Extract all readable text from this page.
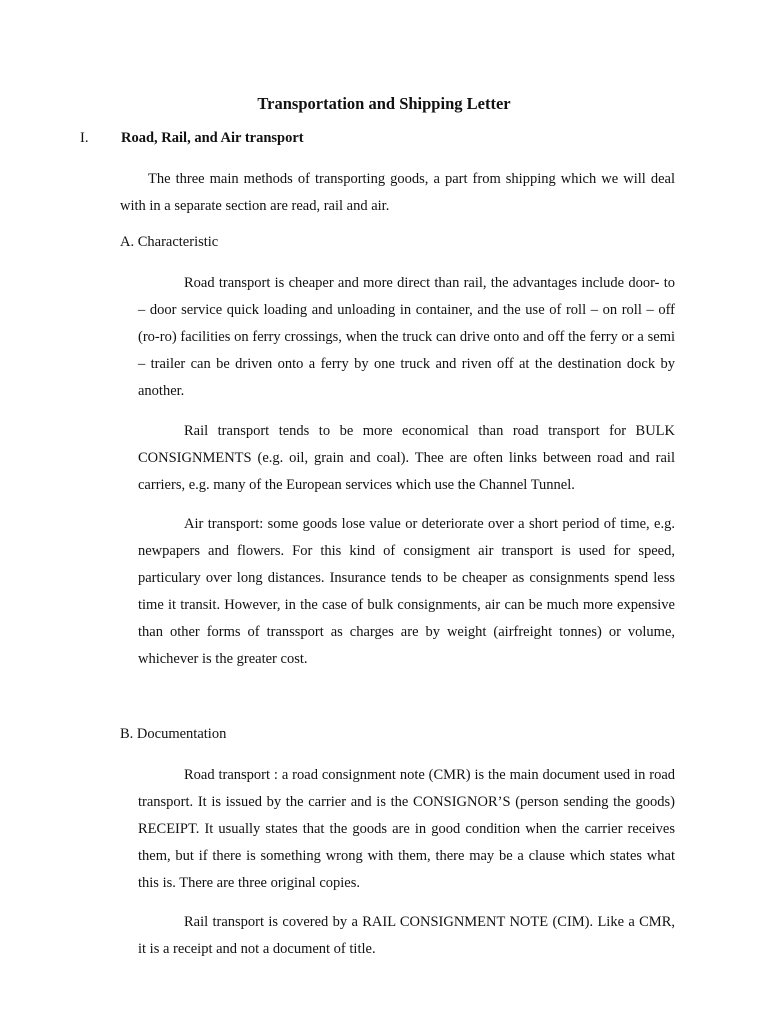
Transportation and Shipping Letter
I. Road, Rail, and Air transport

The three main methods of transporting goods, a part from shipping which we will deal with in a separate section are read, rail and air.

A. Characteristic

Road transport is cheaper and more direct than rail, the advantages include door- to – door service quick loading and unloading in container, and the use of roll – on roll – off (ro-ro) facilities on ferry crossings, when the truck can drive onto and off the ferry or a semi – trailer can be driven onto a ferry by one truck and riven off at the destination dock by another.

Rail transport tends to be more economical than road transport for BULK CONSIGNMENTS (e.g. oil, grain and coal). Thee are often links between road and rail carriers, e.g. many of the European services which use the Channel Tunnel.

Air transport: some goods lose value or deteriorate over a short period of time, e.g. newpapers and flowers. For this kind of consigment air transport is used for speed, particulary over long distances. Insurance tends to be cheaper as consignments spend less time it transit. However, in the case of bulk consignments, air can be much more expensive than other forms of transsport as charges are by weight (airfreight tonnes) or volume, whichever is the greater cost.

B. Documentation

Road transport : a road consignment note (CMR) is the main document used in road transport. It is issued by the carrier and is the CONSIGNOR’S (person sending the goods) RECEIPT. It usually states that the goods are in good condition when the carrier receives them, but if there is something wrong with them, there may be a clause which states what this is. There are three original copies.

Rail transport is covered by a RAIL CONSIGNMENT NOTE (CIM). Like a CMR, it is a receipt and not a document of title.
